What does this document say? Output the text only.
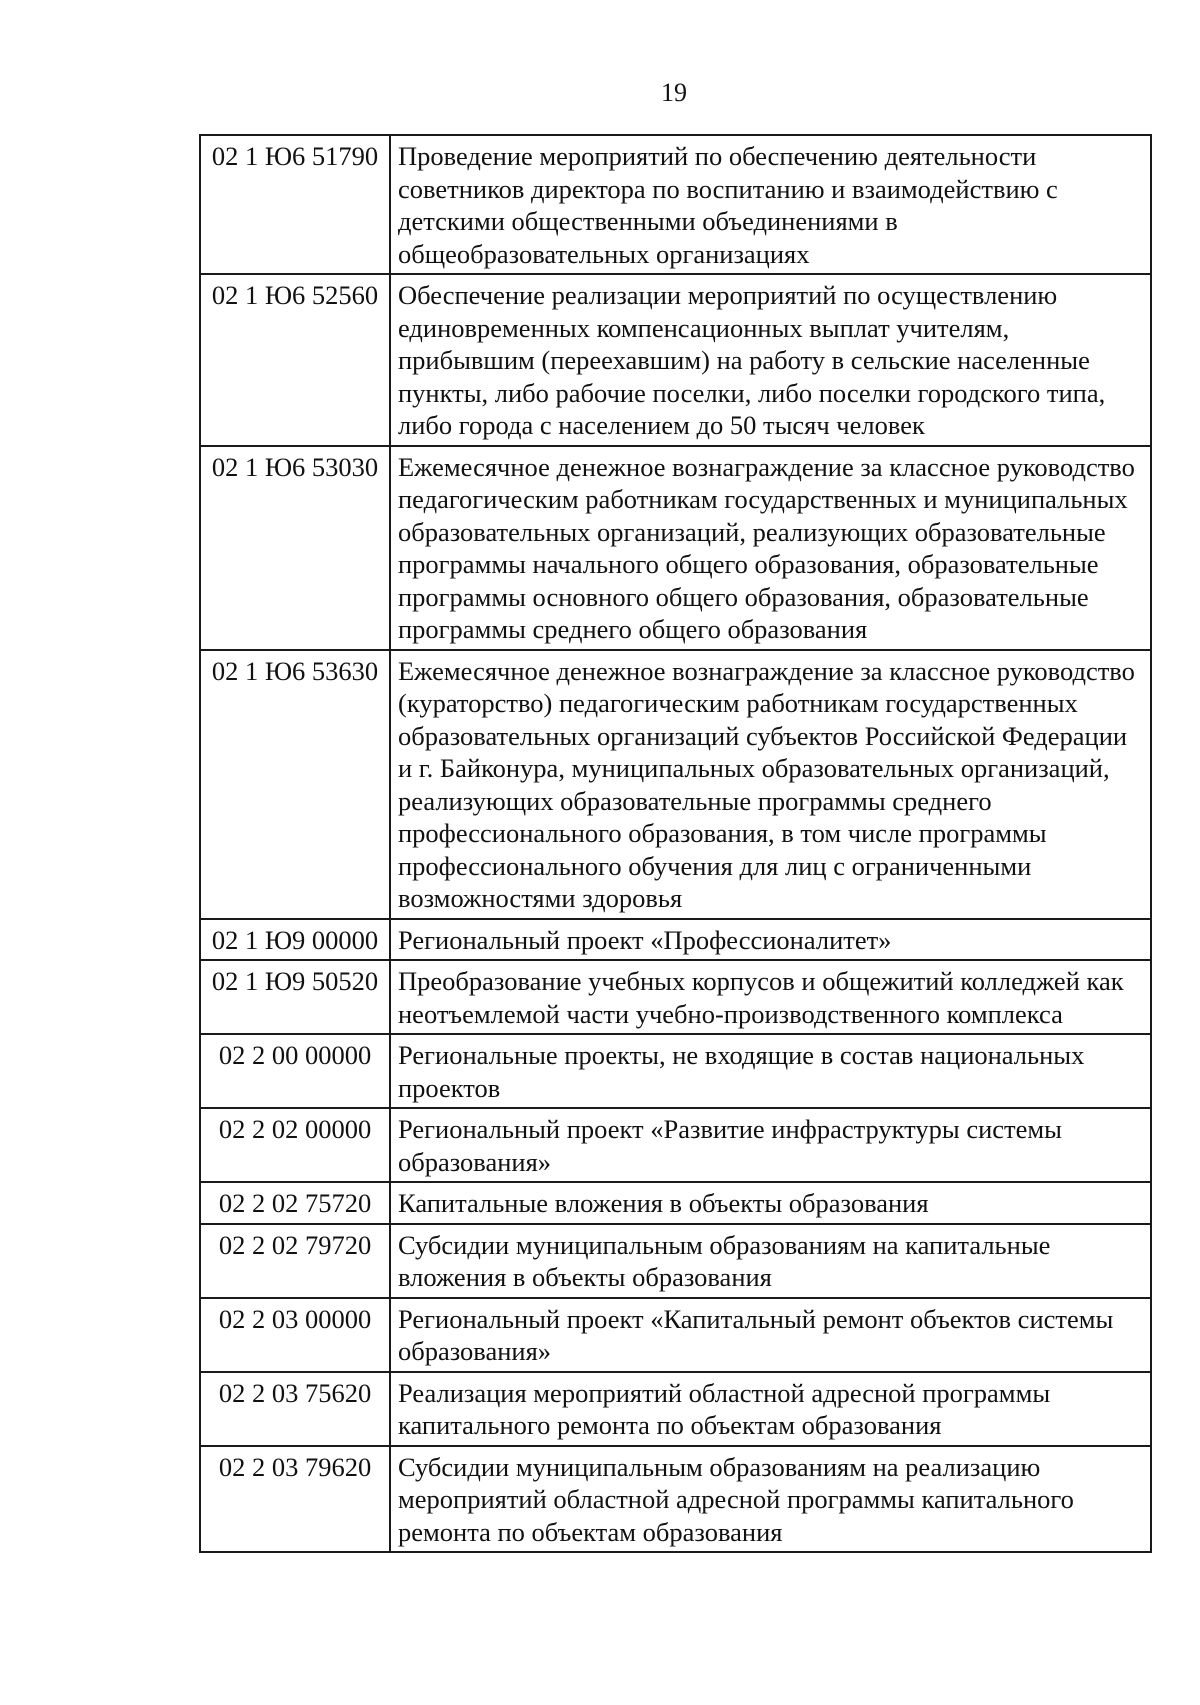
19
02 1 Ю6 51790	Проведение мероприятий по обеспечению деятельности советников директора по воспитанию и взаимодействию с детскими общественными объединениями в общеобразовательных организациях
02 1 Ю6 52560	Обеспечение реализации мероприятий по осуществлению единовременных компенсационных выплат учителям, прибывшим (переехавшим) на работу в сельские населенные пункты, либо рабочие поселки, либо поселки городского типа, либо города с населением до 50 тысяч человек
02 1 Ю6 53030	Ежемесячное денежное вознаграждение за классное руководство педагогическим работникам государственных и муниципальных образовательных организаций, реализующих образовательные программы начального общего образования, образовательные программы основного общего образования, образовательные программы среднего общего образования
02 1 Ю6 53630	Ежемесячное денежное вознаграждение за классное руководство (кураторство) педагогическим работникам государственных образовательных организаций субъектов Российской Федерации и г. Байконура, муниципальных образовательных организаций, реализующих образовательные программы среднего профессионального образования, в том числе программы профессионального обучения для лиц с ограниченными возможностями здоровья
02 1 Ю9 00000	Региональный проект «Профессионалитет»
02 1 Ю9 50520	Преобразование учебных корпусов и общежитий колледжей как неотъемлемой части учебно-производственного комплекса
02 2 00 00000	Региональные проекты, не входящие в состав национальных проектов
02 2 02 00000	Региональный проект «Развитие инфраструктуры системы образования»
02 2 02 75720	Капитальные вложения в объекты образования
02 2 02 79720	Субсидии муниципальным образованиям на капитальные вложения в объекты образования
02 2 03 00000	Региональный проект «Капитальный ремонт объектов системы образования»
02 2 03 75620	Реализация мероприятий областной адресной программы капитального ремонта по объектам образования
02 2 03 79620	Субсидии муниципальным образованиям на реализацию мероприятий областной адресной программы капитального ремонта по объектам образования
